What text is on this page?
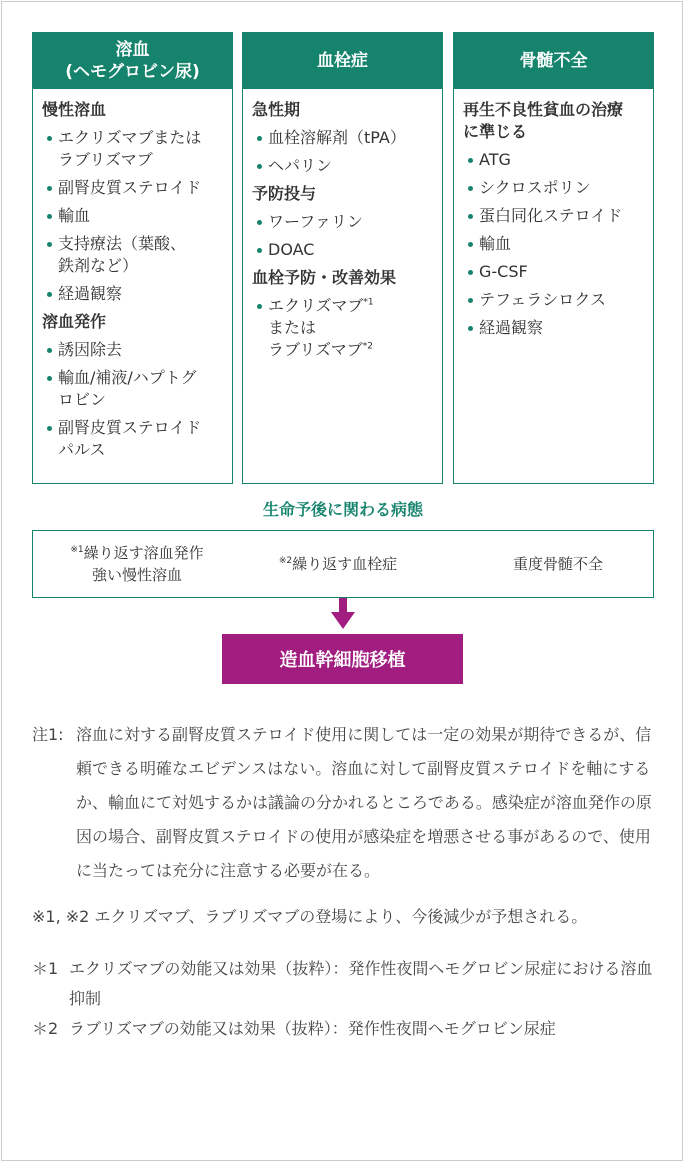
溶血
(ヘモグロビン尿)
慢性溶血
エクリズマブまたは
ラブリズマブ
副腎皮質ステロイド
輸血
支持療法（葉酸、
鉄剤など）
経過観察
溶血発作
誘因除去
輸血/補液/ハプトグ
ロビン
副腎皮質ステロイド
パルス
血栓症
急性期
血栓溶解剤（tPA）
ヘパリン
予防投与
ワーファリン
DOAC
血栓予防・改善効果
エクリズマブ$^{*1}$
または
ラブリズマブ$^{*2}$
骨髄不全
再生不良性貧血の治療
に準じる
ATG
シクロスポリン
蛋白同化ステロイド
輸血
G-CSF
テフェラシロクス
経過観察
生命予後に関わる病態
$^{※1}$繰り返す溶血発作
強い慢性溶血
$^{※2}$繰り返す血栓症	重度骨髄不全
造血幹細胞移植
注1: 溶血に対する副腎皮質ステロイド使用に関しては一定の効果が期待できるが、信頼できる明確なエビデンスはない。溶血に対して副腎皮質ステロイドを軸にするか、輸血にて対処するかは議論の分かれるところである。感染症が溶血発作の原因の場合、副腎皮質ステロイドの使用が感染症を増悪させる事があるので、使用に当たっては充分に注意する必要が在る。
※1, ※2 エクリズマブ、ラブリズマブの登場により、今後減少が予想される。
＊1 エクリズマブの効能又は効果（抜粋）：発作性夜間ヘモグロビン尿症における溶血抑制
＊2 ラブリズマブの効能又は効果（抜粋）：発作性夜間ヘモグロビン尿症
